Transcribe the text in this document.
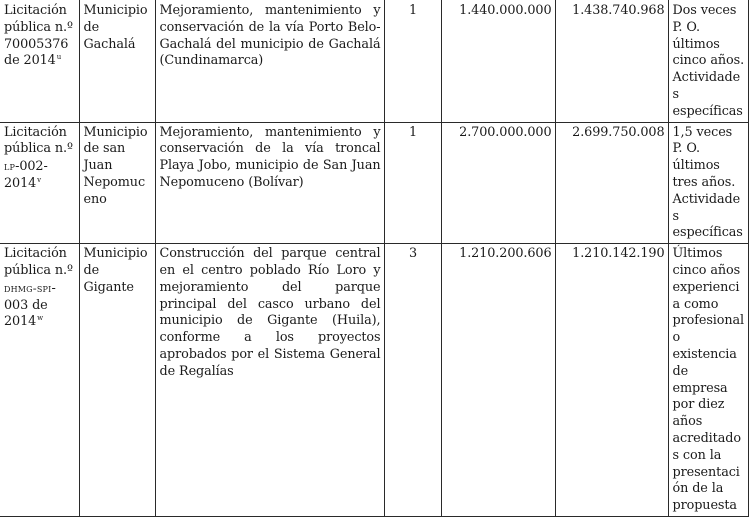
Licitación pública n.º 70005376 de 2014$^u$	Municipio de Gachalá	Mejoramiento, mantenimiento y conservación de la vía Porto Belo-Gachalá del municipio de Gachalá (Cundinamarca)	1	1.440.000.000	1.438.740.968	Dos veces P. O. últimos cinco años. Actividades específicas
Licitación pública n.º lp-002-2014$^v$	Municipio de san Juan Nepomuceno	Mejoramiento, mantenimiento y conservación de la vía troncal Playa Jobo, municipio de San Juan Nepomuceno (Bolívar)	1	2.700.000.000	2.699.750.008	1,5 veces P. O. últimos tres años. Actividades específicas
Licitación pública n.º dhmg-spi-003 de 2014$^w$	Municipio de Gigante	Construcción del parque central en el centro poblado Río Loro y mejoramiento del parque principal del casco urbano del municipio de Gigante (Huila), conforme a los proyectos aprobados por el Sistema General de Regalías	3	1.210.200.606	1.210.142.190	Últimos cinco años experiencia como profesional o existencia de empresa por diez años acreditados con la presentación de la propuesta
